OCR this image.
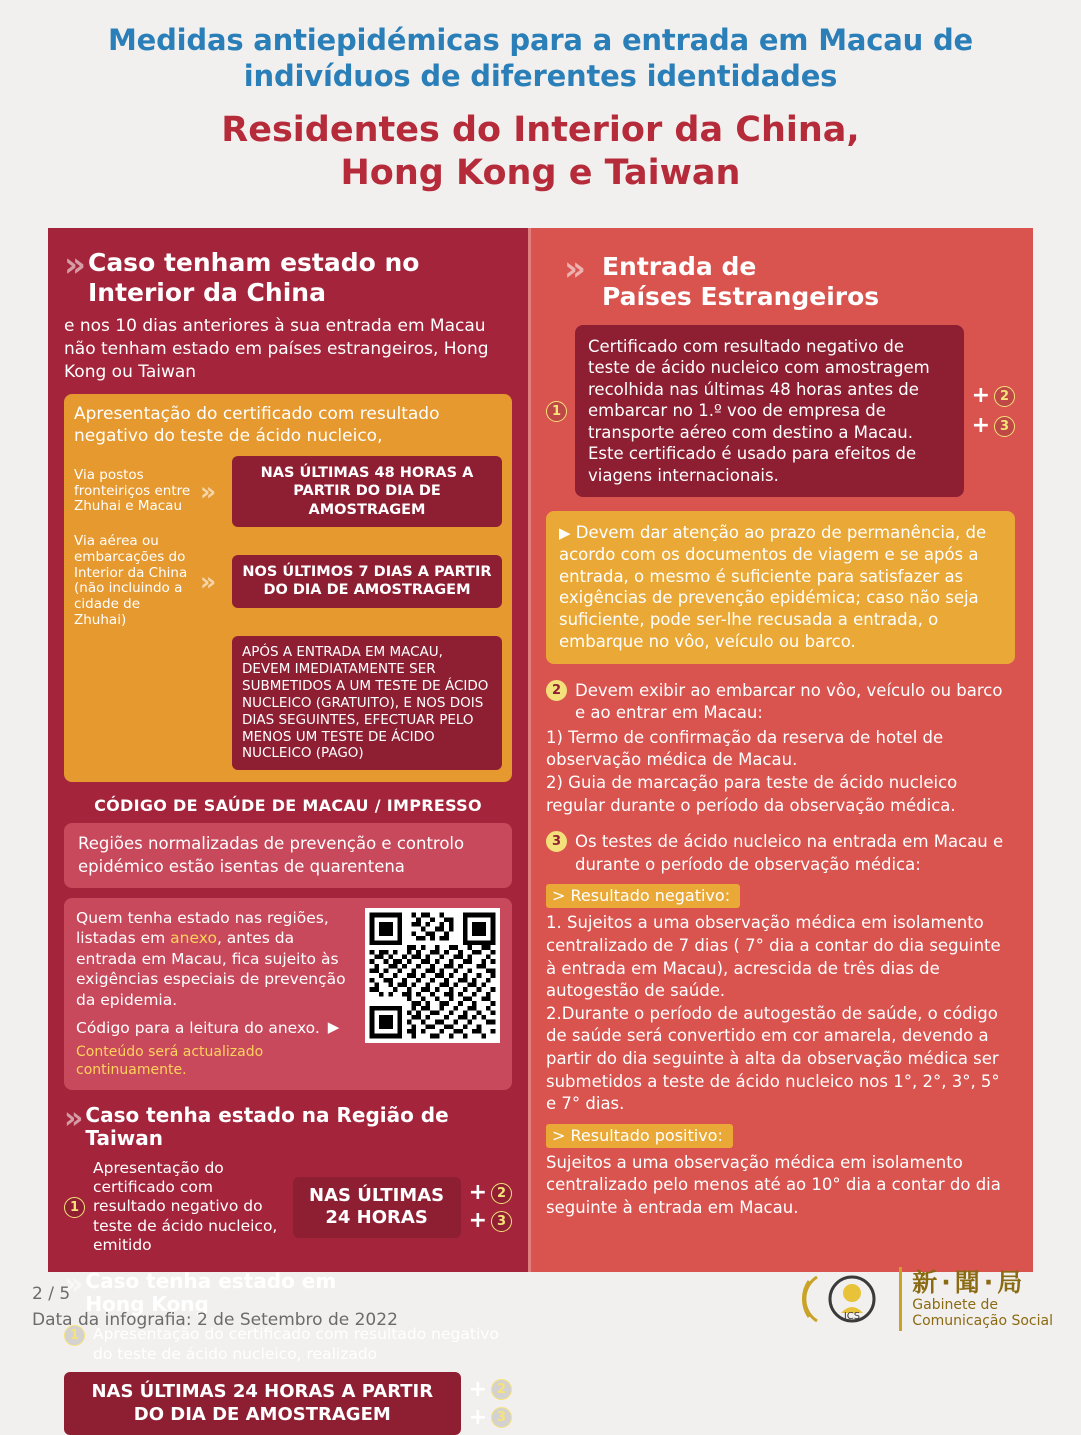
Medidas antiepidémicas para a entrada em Macau de
indivíduos de diferentes identidades
Residentes do Interior da China,
Hong Kong e Taiwan
» Caso tenham estado no
Interior da China
e nos 10 dias anteriores à sua entrada em Macau não tenham estado em países estrangeiros, Hong Kong ou Taiwan
Apresentação do certificado com resultado negativo do teste de ácido nucleico,
Via postos fronteiriços entre Zhuhai e Macau
»
NAS ÚLTIMAS 48 HORAS A PARTIR DO DIA DE AMOSTRAGEM
Via aérea ou embarcações do Interior da China (não incluindo a cidade de Zhuhai)
»	NOS ÚLTIMOS 7 DIAS A PARTIR DO DIA DE AMOSTRAGEM
APÓS A ENTRADA EM MACAU, DEVEM IMEDIATAMENTE SER SUBMETIDOS A UM TESTE DE ÁCIDO NUCLEICO (GRATUITO), E NOS DOIS DIAS SEGUINTES, EFECTUAR PELO MENOS UM TESTE DE ÁCIDO NUCLEICO (PAGO)
CÓDIGO DE SAÚDE DE MACAU / IMPRESSO
Regiões normalizadas de prevenção e controlo epidémico estão isentas de quarentena
Quem tenha estado nas regiões, listadas em anexo, antes da entrada em Macau, fica sujeito às exigências especiais de prevenção da epidemia.
Código para a leitura do anexo. ▶
Conteúdo será actualizado continuamente.
» Caso tenha estado na Região de
Taiwan
1
Apresentação do certificado com resultado negativo do teste de ácido nucleico, emitido
NAS ÚLTIMAS
24 HORAS
+ 2
+ 3
» Caso tenha estado em
Hong Kong
1 Apresentação do certificado com resultado negativo do teste de ácido nucleico, realizado
NAS ÚLTIMAS 24 HORAS A PARTIR
DO DIA DE AMOSTRAGEM
+ 2
+ 3
» Entrada de
Países Estrangeiros
1
Certificado com resultado negativo de teste de ácido nucleico com amostragem recolhida nas últimas 48 horas antes de embarcar no 1.º voo de empresa de transporte aéreo com destino a Macau. Este certificado é usado para efeitos de viagens internacionais.
+ 2
+ 3
▶ Devem dar atenção ao prazo de permanência, de acordo com os documentos de viagem e se após a entrada, o mesmo é suficiente para satisfazer as exigências de prevenção epidémica; caso não seja suficiente, pode ser-lhe recusada a entrada, o embarque no vôo, veículo ou barco.
2 Devem exibir ao embarcar no vôo, veículo ou barco e ao entrar em Macau:
1) Termo de confirmação da reserva de hotel de observação médica de Macau.
2) Guia de marcação para teste de ácido nucleico regular durante o período da observação médica.
3 Os testes de ácido nucleico na entrada em Macau e durante o período de observação médica:
> Resultado negativo:
1. Sujeitos a uma observação médica em isolamento centralizado de 7 dias ( 7° dia a contar do dia seguinte à entrada em Macau), acrescida de três dias de autogestão de saúde.
2.Durante o período de autogestão de saúde, o código de saúde será convertido em cor amarela, devendo a partir do dia seguinte à alta da observação médica ser submetidos a teste de ácido nucleico nos 1°, 2°, 3°, 5° e 7° dias.
> Resultado positivo:
Sujeitos a uma observação médica em isolamento centralizado pelo menos até ao 10° dia a contar do dia seguinte à entrada em Macau.
2 / 5
Data da infografia: 2 de Setembro de 2022	ICS
新·聞·局
Gabinete de
Comunicação Social
